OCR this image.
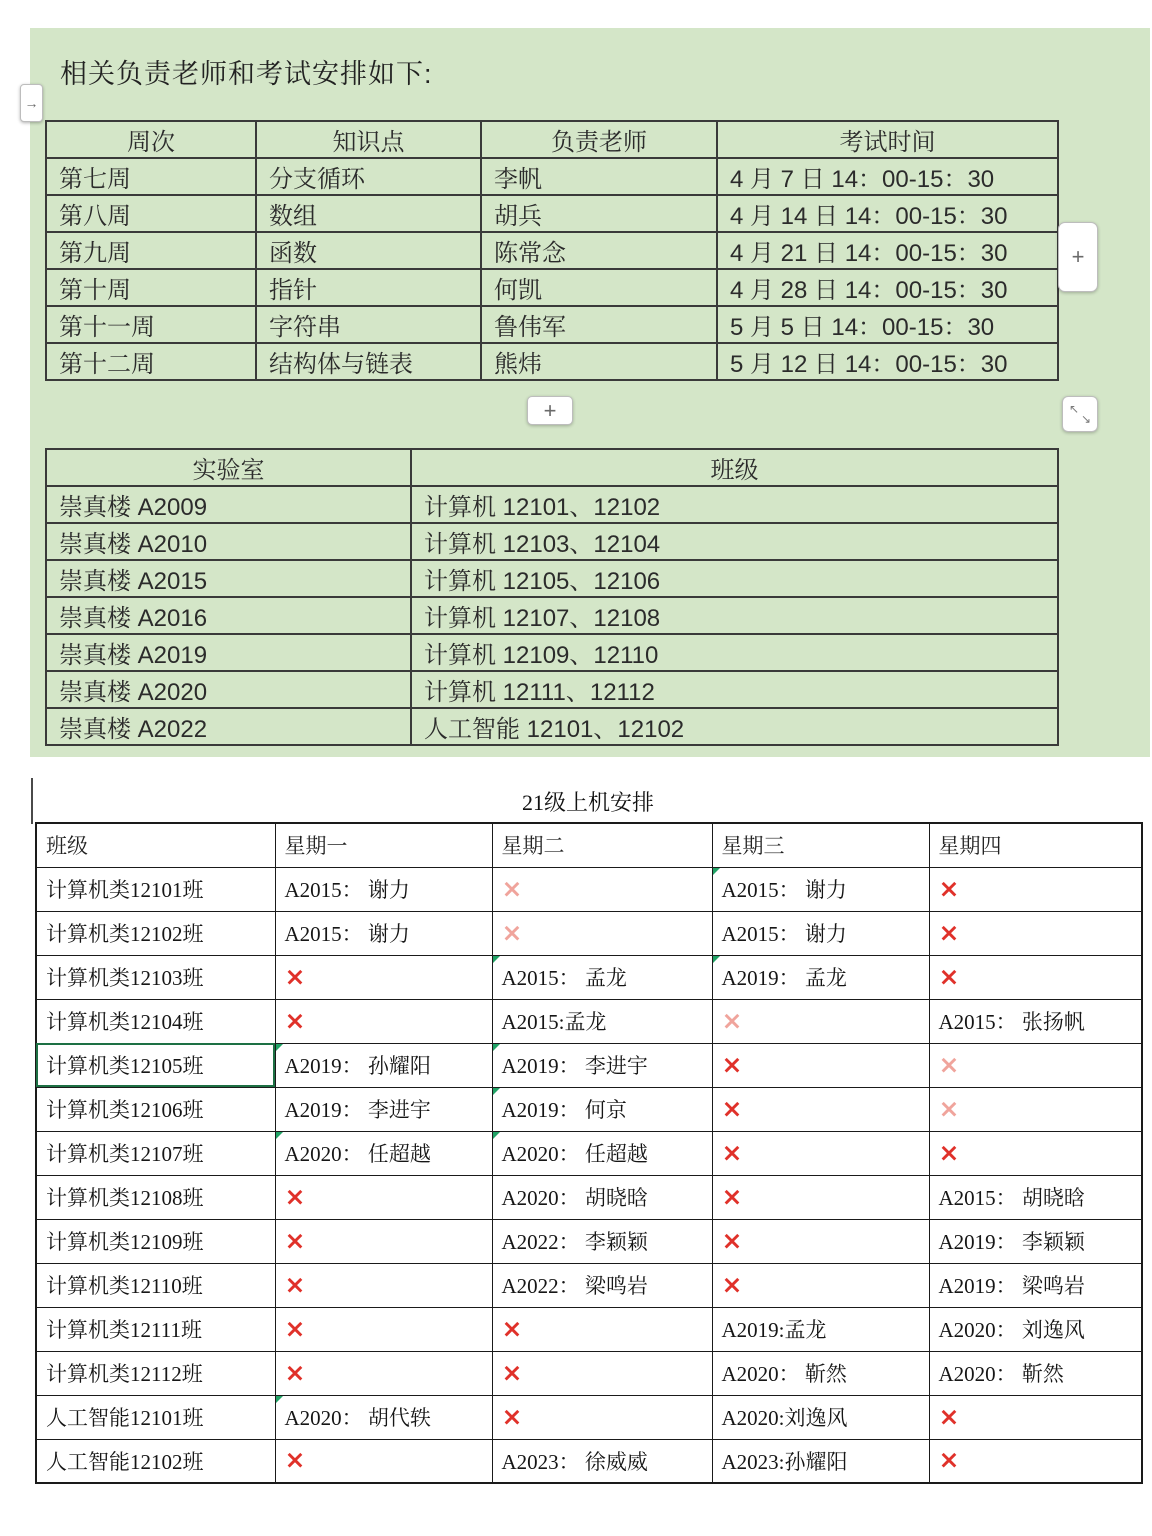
→
相关负责老师和考试安排如下:
周次	知识点	负责老师	考试时间
第七周	分支循环	李帆	4 月 7 日 14：00-15：30
第八周	数组	胡兵	4 月 14 日 14：00-15：30
第九周	函数	陈常念	4 月 21 日 14：00-15：30
第十周	指针	何凯	4 月 28 日 14：00-15：30
第十一周	字符串	鲁伟军	5 月 5 日 14：00-15：30
第十二周	结构体与链表	熊炜	5 月 12 日 14：00-15：30
+
+
↖
↘
实验室	班级
崇真楼 A2009	计算机 12101、12102
崇真楼 A2010	计算机 12103、12104
崇真楼 A2015	计算机 12105、12106
崇真楼 A2016	计算机 12107、12108
崇真楼 A2019	计算机 12109、12110
崇真楼 A2020	计算机 12111、12112
崇真楼 A2022	人工智能 12101、12102
21级上机安排
班级	星期一	星期二	星期三	星期四
计算机类12101班	A2015： 谢力	×	A2015： 谢力	×
计算机类12102班	A2015： 谢力	×	A2015： 谢力	×
计算机类12103班	×	A2015： 孟龙	A2019： 孟龙	×
计算机类12104班	×	A2015:孟龙	×	A2015： 张扬帆
计算机类12105班	A2019： 孙耀阳	A2019： 李进宇	×	×
计算机类12106班	A2019： 李进宇	A2019： 何京	×	×
计算机类12107班	A2020： 任超越	A2020： 任超越	×	×
计算机类12108班	×	A2020： 胡晓晗	×	A2015： 胡晓晗
计算机类12109班	×	A2022： 李颖颖	×	A2019： 李颖颖
计算机类12110班	×	A2022： 梁鸣岩	×	A2019： 梁鸣岩
计算机类12111班	×	×	A2019:孟龙	A2020： 刘逸风
计算机类12112班	×	×	A2020： 靳然	A2020： 靳然
人工智能12101班	A2020： 胡代轶	×	A2020:刘逸风	×
人工智能12102班	×	A2023： 徐威威	A2023:孙耀阳	×
